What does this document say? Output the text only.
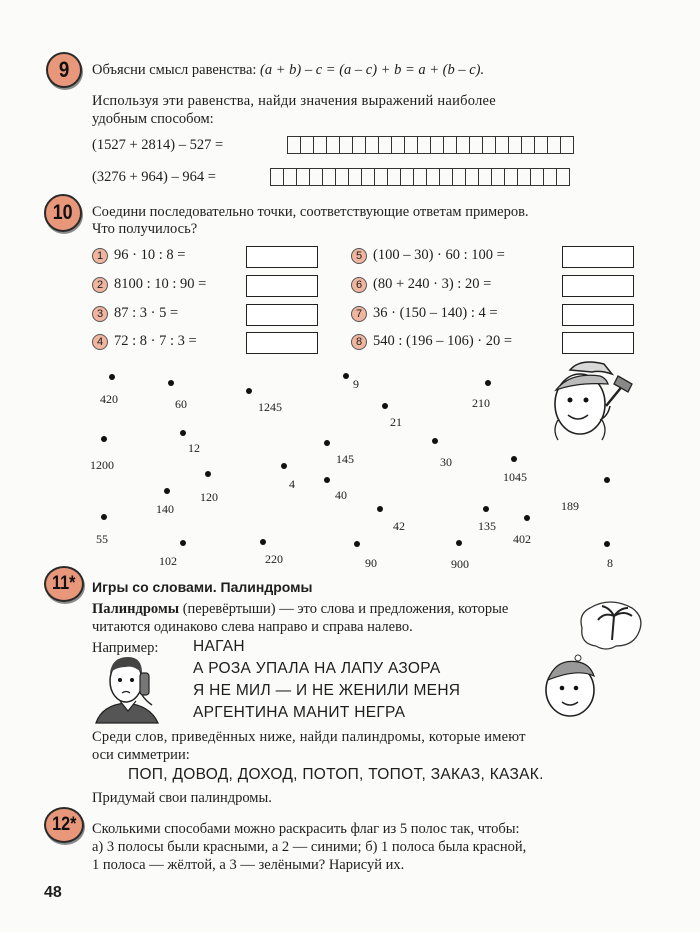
9 Объясни смысл равенства: (a + b) – c = (a – c) + b = a + (b – c).
Используя эти равенства, найди значения выражений наиболее
удобным способом:
(1527 + 2814) – 527 =
(3276 + 964) – 964 =
10 Соедини последовательно точки, соответствующие ответам примеров.
Что получилось?
1 96 · 10 : 8 =
2 8100 : 10 : 90 =
3 87 : 3 · 5 =
4 72 : 8 · 7 : 3 =
5 (100 – 30) · 60 : 100 =
6 (80 + 240 · 3) : 20 =
7 36 · (150 – 140) : 4 =
8 540 : (196 – 106) · 20 =
420	60	1245
9
21
210
1200
12
145	30
1045
4
120	40
189
140
42	135
55	402
102	220	90	900	8
11* Игры со словами. Палиндромы
Палиндромы (перевёртыши) — это слова и предложения, которые
читаются одинаково слева направо и справа налево.
Например: НАГАН
А РОЗА УПАЛА НА ЛАПУ АЗОРА
Я НЕ МИЛ — И НЕ ЖЕНИЛИ МЕНЯ
АРГЕНТИНА МАНИТ НЕГРА
Среди слов, приведённых ниже, найди палиндромы, которые имеют
оси симметрии:
ПОП, ДОВОД, ДОХОД, ПОТОП, ТОПОТ, ЗАКАЗ, КАЗАК.
Придумай свои палиндромы.
12* Сколькими способами можно раскрасить флаг из 5 полос так, чтобы:
а) 3 полосы были красными, а 2 — синими; б) 1 полоса была красной,
1 полоса — жёлтой, а 3 — зелёными? Нарисуй их.
48
